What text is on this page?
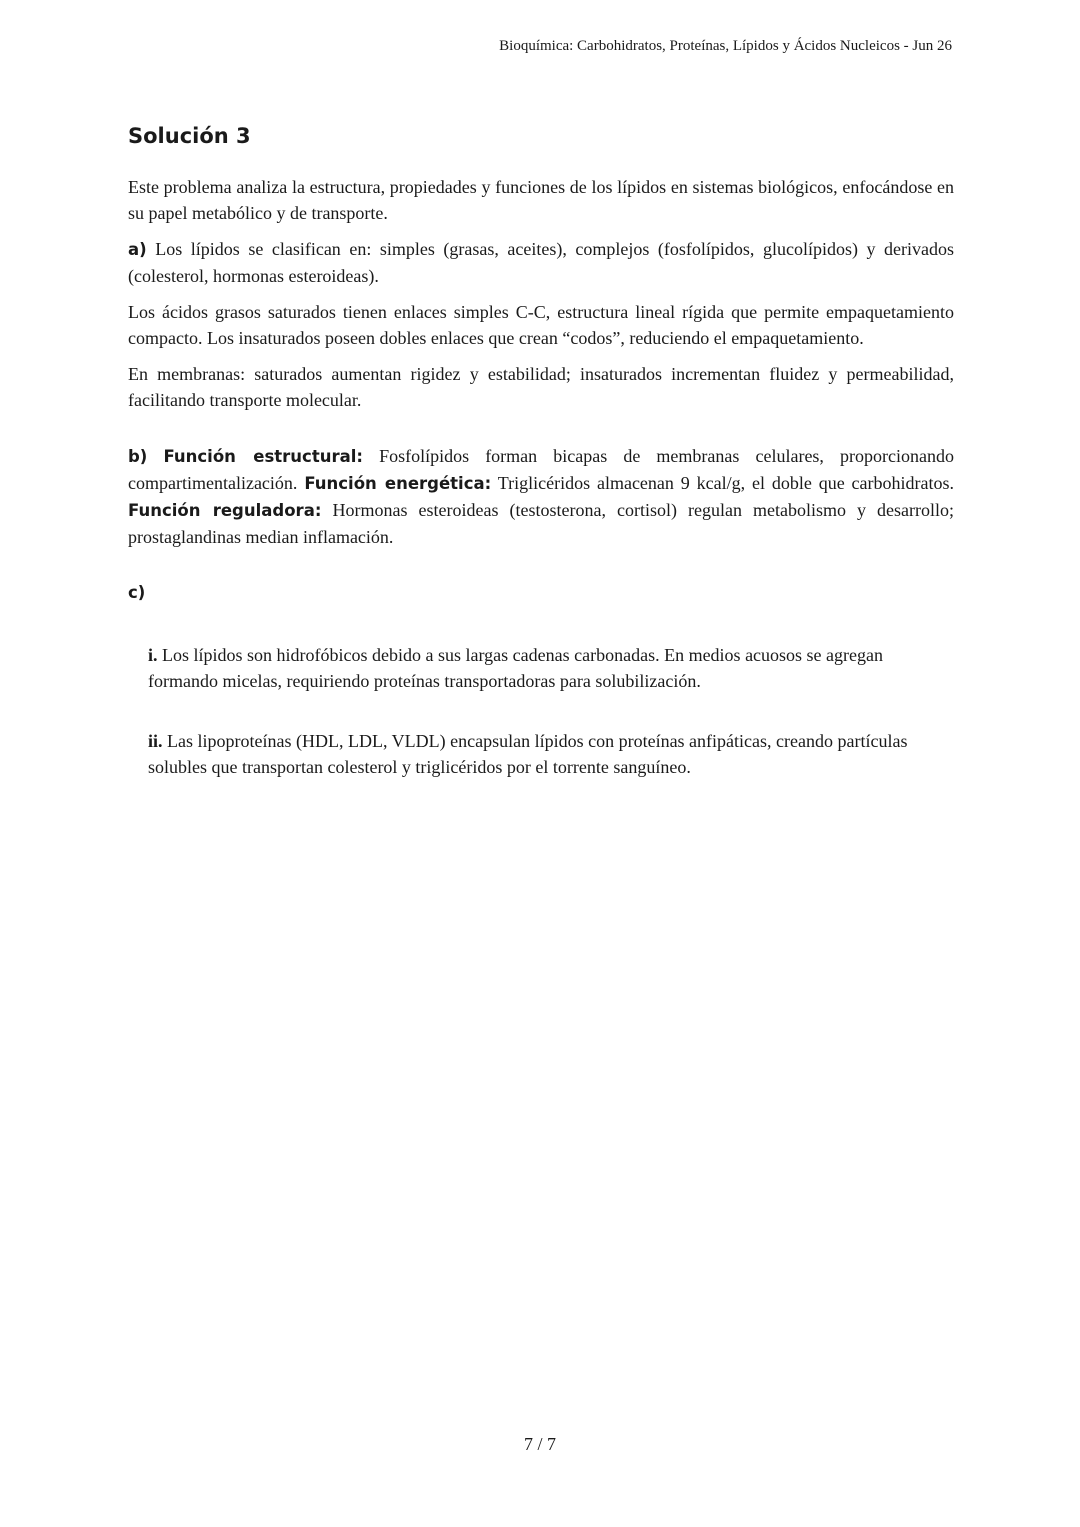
Bioquímica: Carbohidratos, Proteínas, Lípidos y Ácidos Nucleicos - Jun 26
Solución 3

Este problema analiza la estructura, propiedades y funciones de los lípidos en sistemas biológicos, enfocándose en su papel metabólico y de transporte.

a) Los lípidos se clasifican en: simples (grasas, aceites), complejos (fosfolípidos, glucolípidos) y derivados (colesterol, hormonas esteroideas).

Los ácidos grasos saturados tienen enlaces simples C-C, estructura lineal rígida que permite empaquetamiento compacto. Los insaturados poseen dobles enlaces que crean “codos”, reduciendo el empaquetamiento.

En membranas: saturados aumentan rigidez y estabilidad; insaturados incrementan fluidez y permeabilidad, facilitando transporte molecular.

b) Función estructural: Fosfolípidos forman bicapas de membranas celulares, proporcionando compartimentalización. Función energética: Triglicéridos almacenan 9 kcal/g, el doble que carbohidratos. Función reguladora: Hormonas esteroideas (testosterona, cortisol) regulan metabolismo y desarrollo; prostaglandinas median inflamación.

c)

i. Los lípidos son hidrofóbicos debido a sus largas cadenas carbonadas. En medios acuosos se agregan formando micelas, requiriendo proteínas transportadoras para solubilización.

ii. Las lipoproteínas (HDL, LDL, VLDL) encapsulan lípidos con proteínas anfipáticas, creando partículas solubles que transportan colesterol y triglicéridos por el torrente sanguíneo.

7 / 7
